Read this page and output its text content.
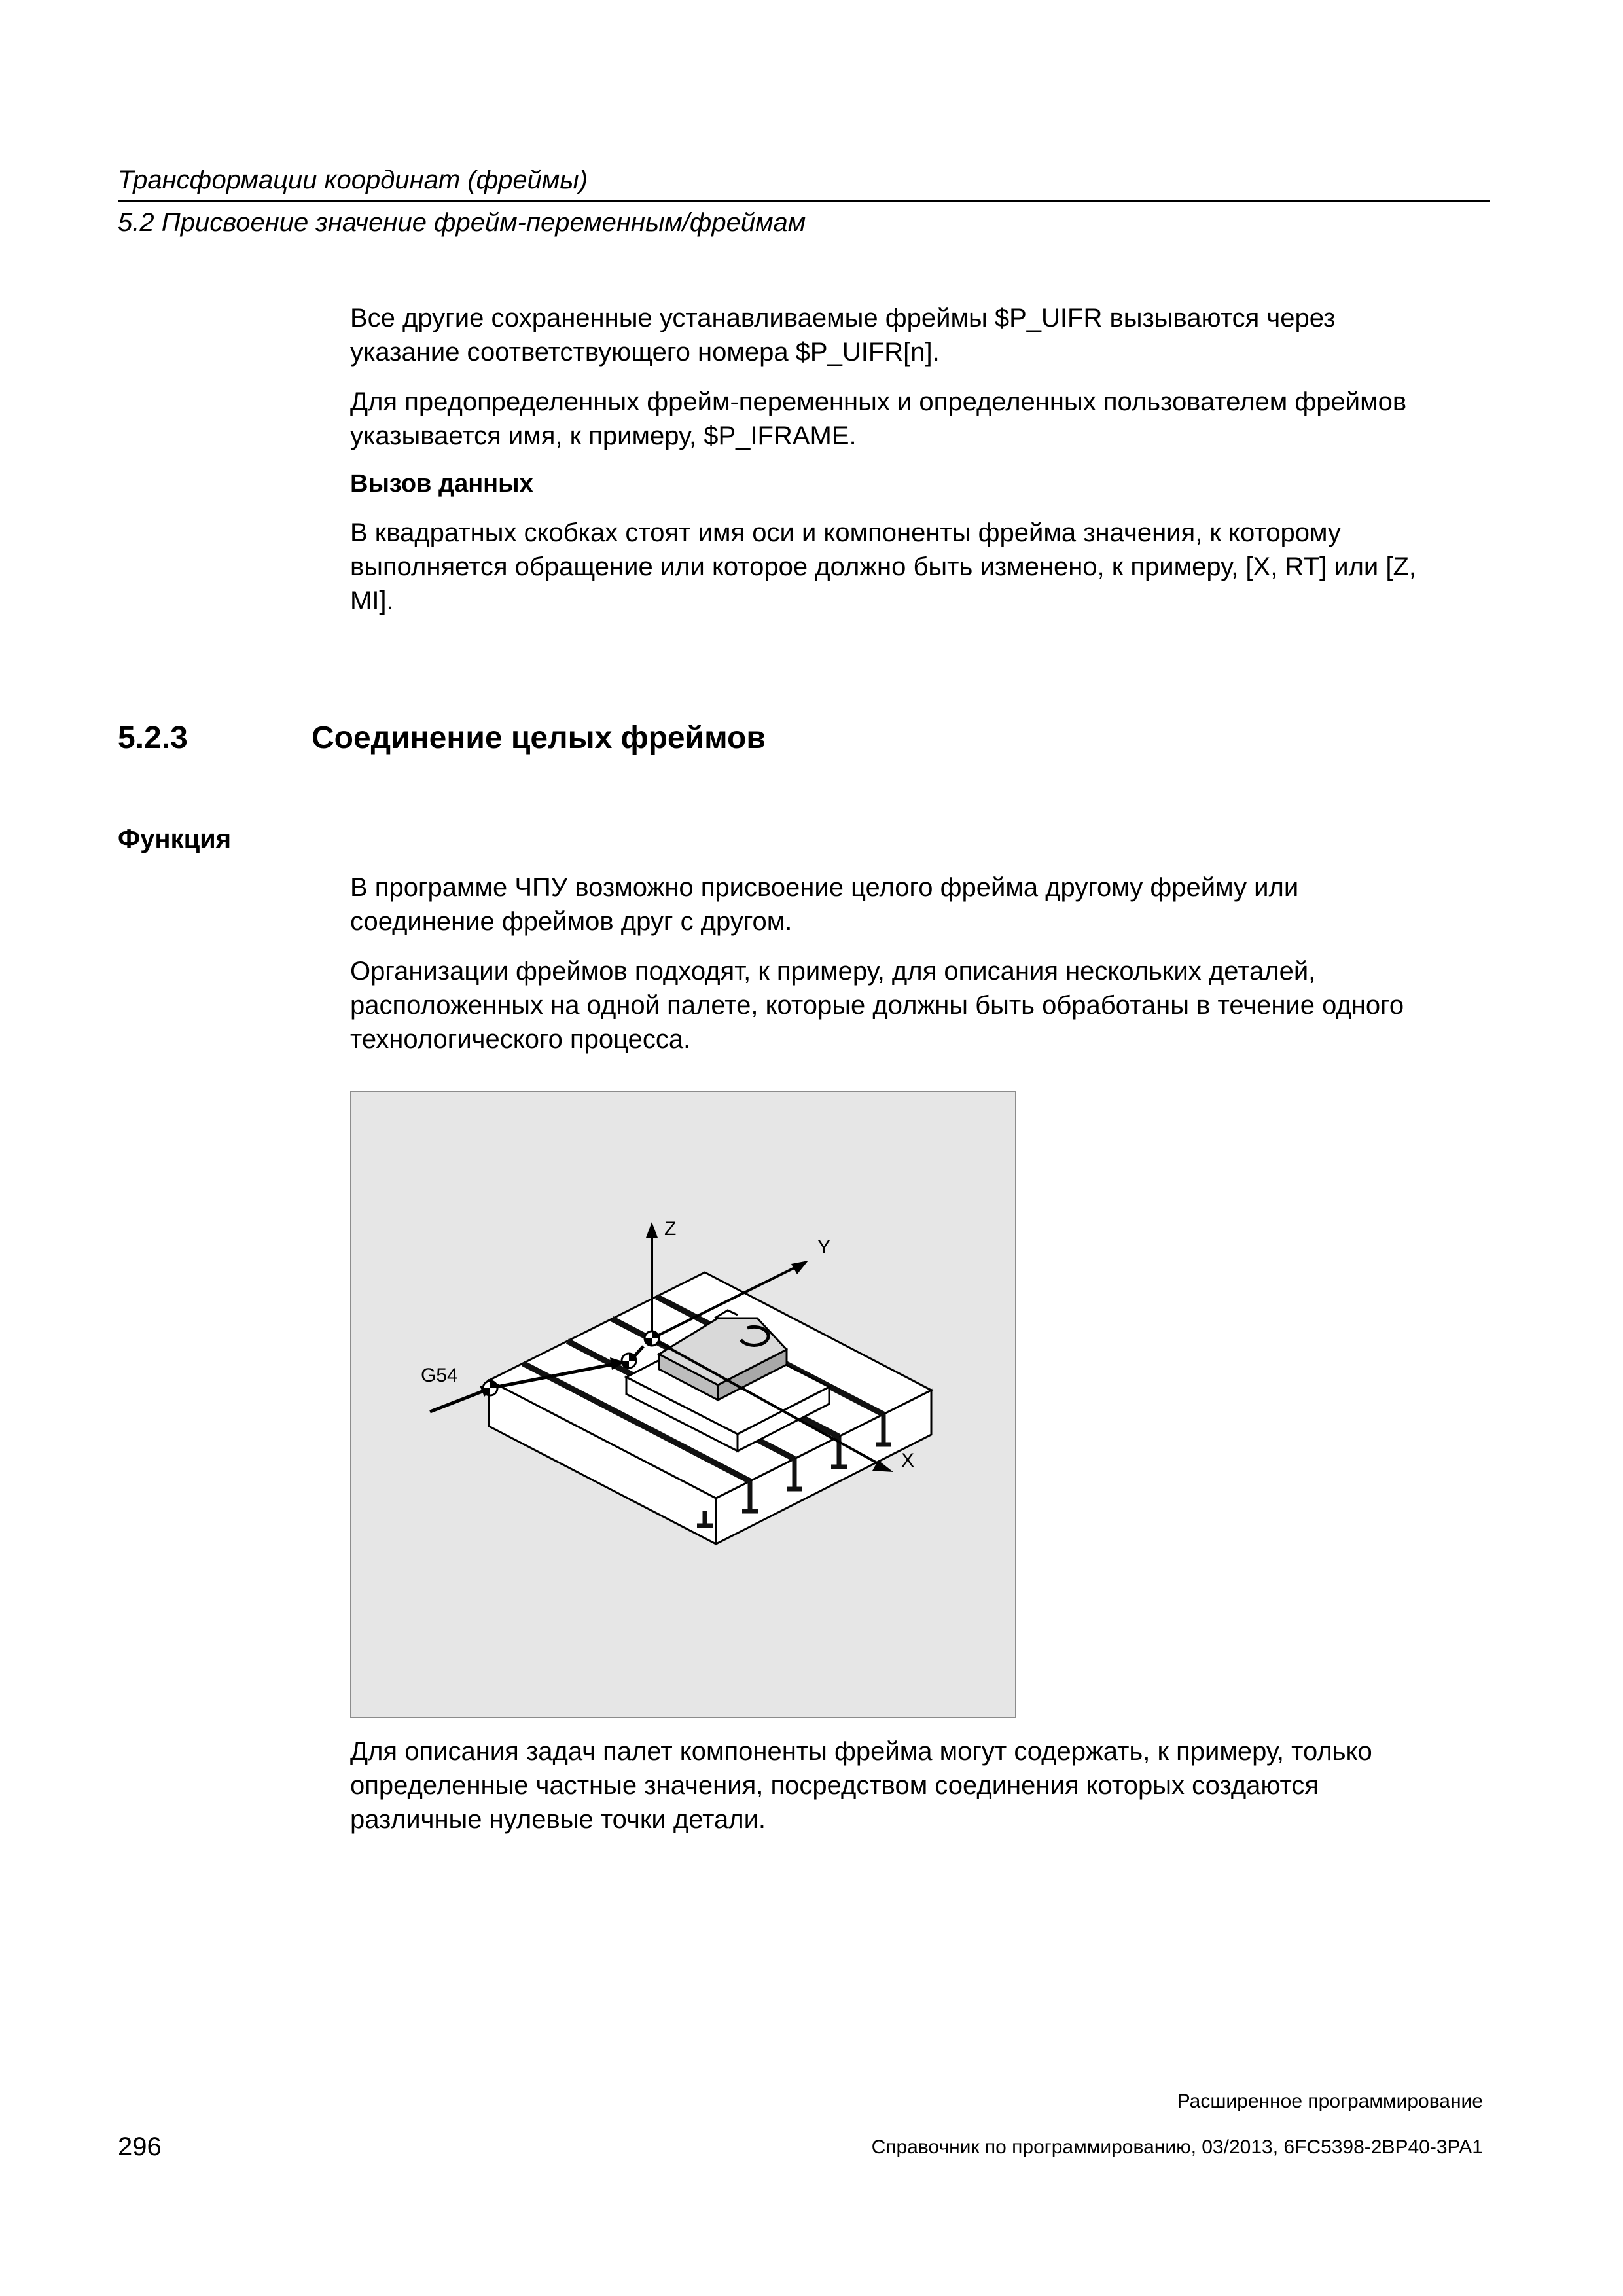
Трансформации координат (фреймы)
5.2 Присвоение значение фрейм-переменным/фреймам
Все другие сохраненные устанавливаемые фреймы $P_UIFR вызываются через
указание соответствующего номера $P_UIFR[n].
Для предопределенных фрейм-переменных и определенных пользователем фреймов
указывается имя, к примеру, $P_IFRAME.
Вызов данных
В квадратных скобках стоят имя оси и компоненты фрейма значения, к которому
выполняется обращение или которое должно быть изменено, к примеру, [X, RT] или [Z,
MI].
5.2.3	Соединение целых фреймов
Функция
В программе ЧПУ возможно присвоение целого фрейма другому фрейму или
соединение фреймов друг с другом.
Организации фреймов подходят, к примеру, для описания нескольких деталей,
расположенных на одной палете, которые должны быть обработаны в течение одного
технологического процесса.
Z
Y
X
G54
Для описания задач палет компоненты фрейма могут содержать, к примеру, только
определенные частные значения, посредством соединения которых создаются
различные нулевые точки детали.
Расширенное программирование
296	Справочник по программированию, 03/2013, 6FC5398-2BP40-3PA1
